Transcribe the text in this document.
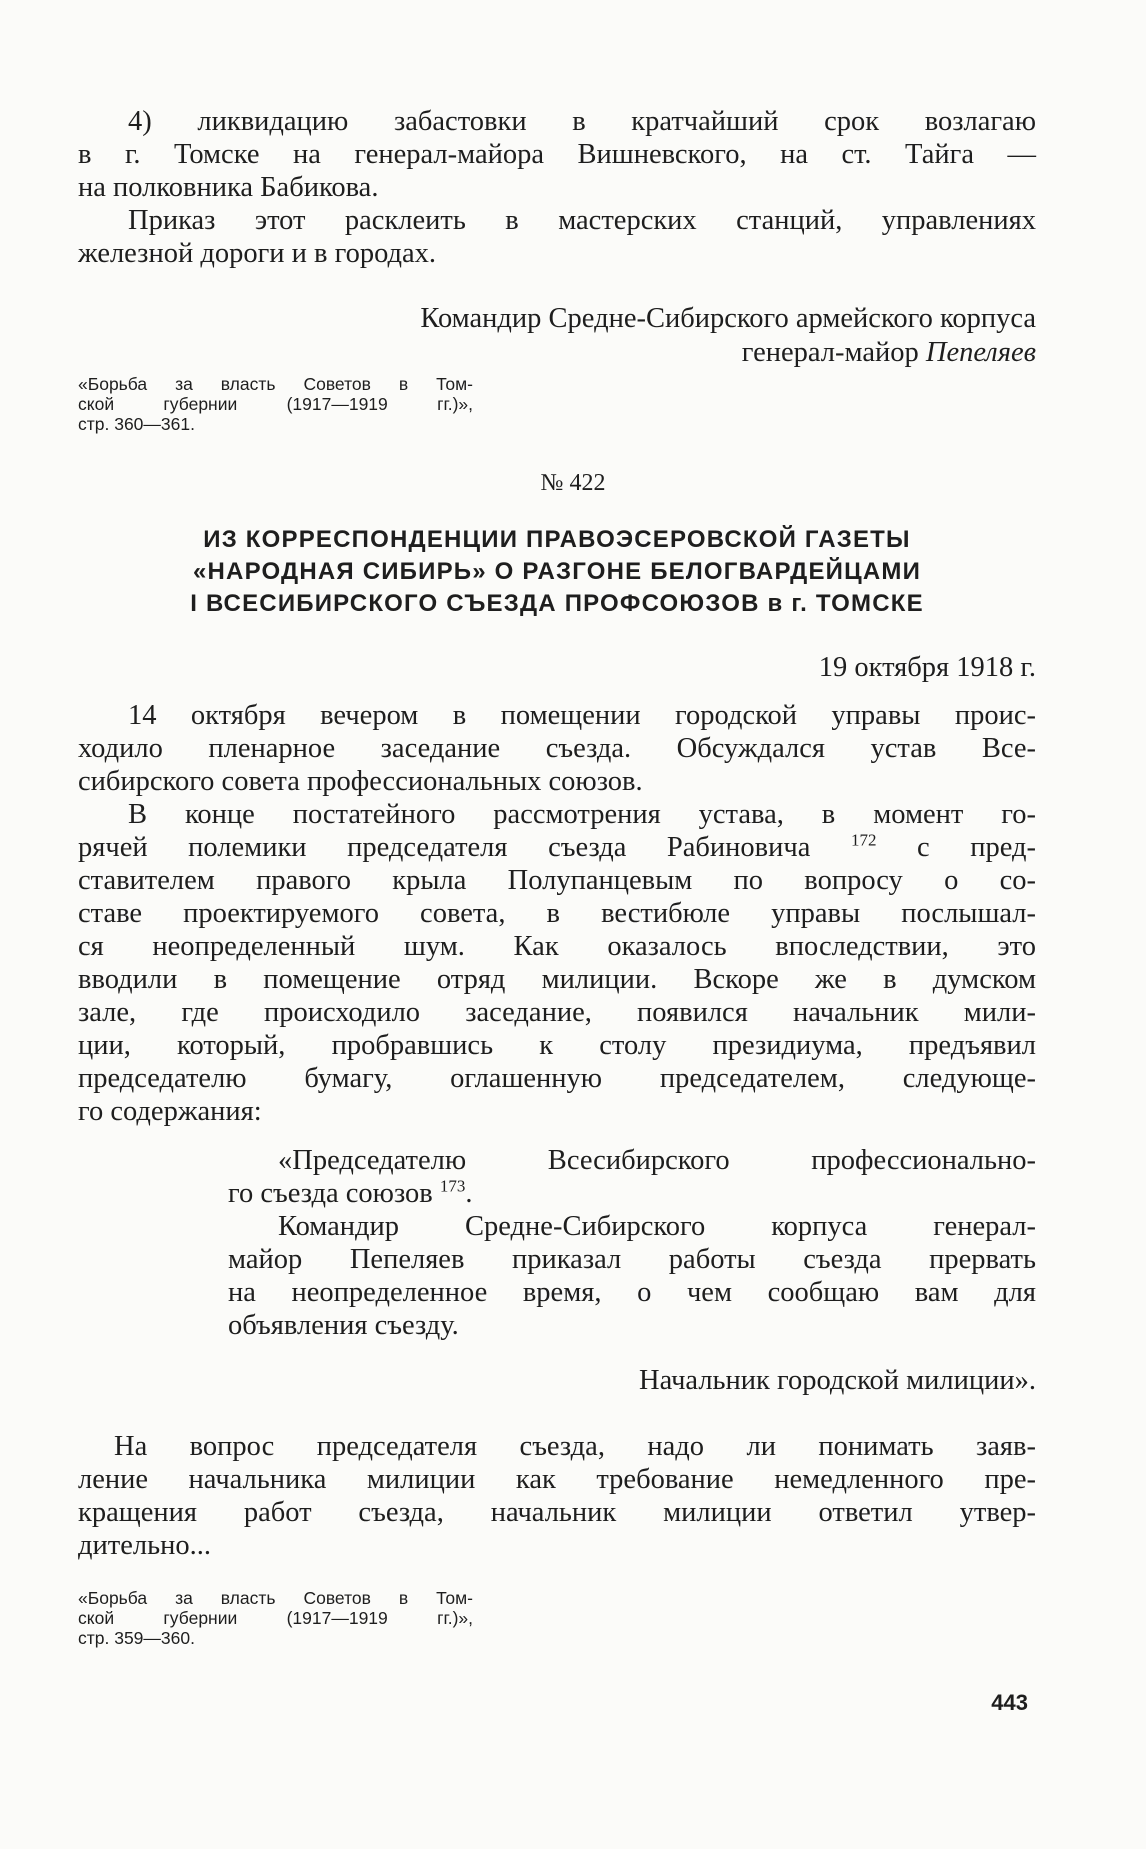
4) ликвидацию забастовки в кратчайший срок возлагаю
в г. Томске на генерал-майора Вишневского, на ст. Тайга —
на полковника Бабикова.
Приказ этот расклеить в мастерских станций, управлениях
железной дороги и в городах.
Командир Средне-Сибирского армейского корпуса
генерал-майор Пепеляев
«Борьба за власть Советов в Том-
ской губернии (1917—1919 гг.)»,
стр. 360—361.
№ 422
ИЗ КОРРЕСПОНДЕНЦИИ ПРАВОЭСЕРОВСКОЙ ГАЗЕТЫ
«НАРОДНАЯ СИБИРЬ» О РАЗГОНЕ БЕЛОГВАРДЕЙЦАМИ
I ВСЕСИБИРСКОГО СЪЕЗДА ПРОФСОЮЗОВ в г. ТОМСКЕ
19 октября 1918 г.
14 октября вечером в помещении городской управы проис-
ходило пленарное заседание съезда. Обсуждался устав Все-
сибирского совета профессиональных союзов.
В конце постатейного рассмотрения устава, в момент го-
рячей полемики председателя съезда Рабиновича $^{172}$ с пред-
ставителем правого крыла Полупанцевым по вопросу о со-
ставе проектируемого совета, в вестибюле управы послышал-
ся неопределенный шум. Как оказалось впоследствии, это
вводили в помещение отряд милиции. Вскоре же в думском
зале, где происходило заседание, появился начальник мили-
ции, который, пробравшись к столу президиума, предъявил
председателю бумагу, оглашенную председателем, следующе-
го содержания:
«Председателю Всесибирского профессионально-
го съезда союзов $^{173}$.
Командир Средне-Сибирского корпуса генерал-
майор Пепеляев приказал работы съезда прервать
на неопределенное время, о чем сообщаю вам для
объявления съезду.
Начальник городской милиции».
На вопрос председателя съезда, надо ли понимать заяв-
ление начальника милиции как требование немедленного пре-
кращения работ съезда, начальник милиции ответил утвер-
дительно...
«Борьба за власть Советов в Том-
ской губернии (1917—1919 гг.)»,
стр. 359—360.
443
